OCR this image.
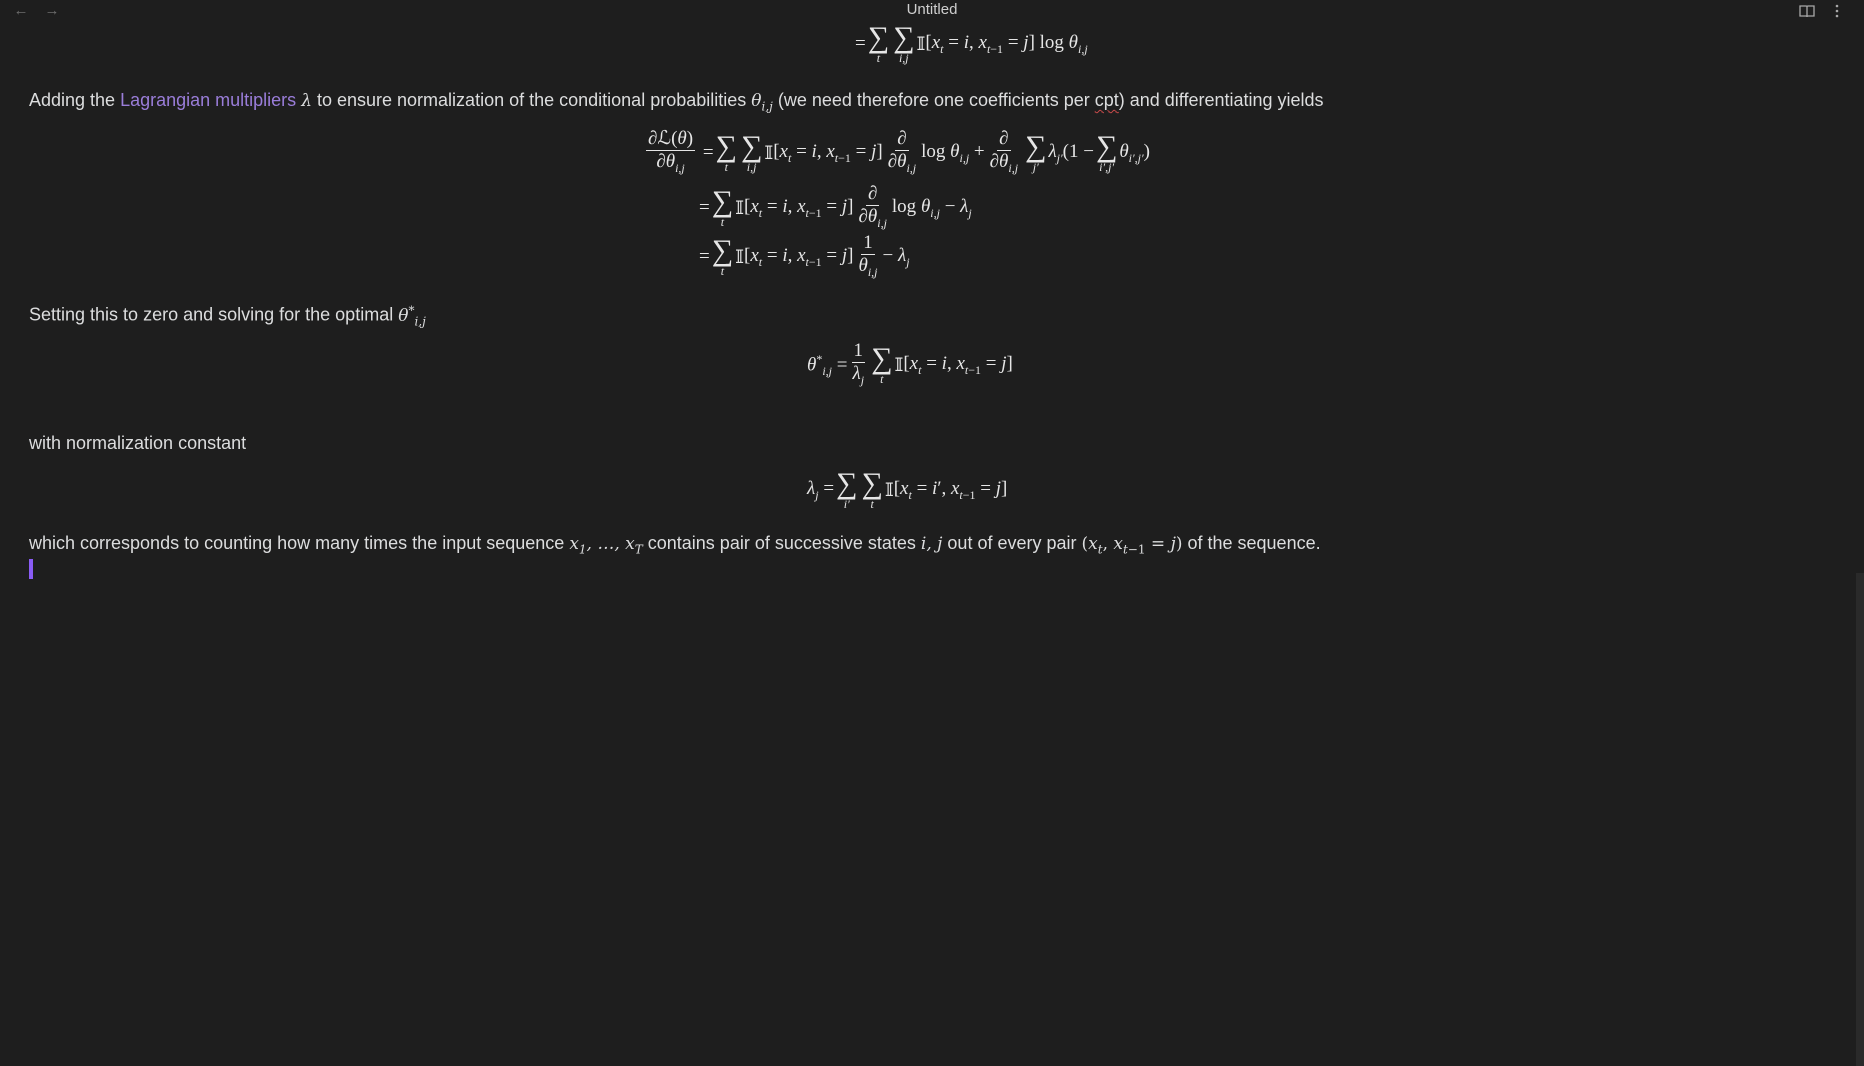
← →	Untitled
= ∑
t
∑
i,j
𝕀 [$x_t = i$, $x_{t-1} = j$] $\log \theta_{i,j}$
Adding the Lagrangian multipliers λ to ensure normalization of the conditional probabilities $\theta_{i,j}$ (we need therefore one coefficients per cpt) and differentiating yields
$\frac{\text{∂ℒ(θ)}}{\partial\theta_{i,j}}$ = ∑
t
∑
i,j
𝕀 [$x_t = i$, $x_{t-1} = j] \frac{\partial}{\partial\theta_{i,j}}$ $\log \theta_{i,j} + \frac{\partial}{\partial\theta_{i,j}}$ ∑
j′
$\lambda_{j'}(1$ − ∑
i′,j′
$\theta_{i',j'}$)
= ∑
t
𝕀 [$x_t = i$, $x_{t-1} = j] \frac{\partial}{\partial\theta_{i,j}}$ $\log \theta_{i,j} - \lambda_j$
= ∑
t
𝕀 [$x_t = i$, $x_{t-1} = j] \frac{1}{\theta_{i,j}} - \lambda_j$
Setting this to zero and solving for the optimal $\theta^*_{i,j}$
$\theta^*_{i,j} = \frac{1}{\lambda_j}$ ∑
t
𝕀 [$x_t = i$, $x_{t-1} = j$]
with normalization constant
$\lambda_j$ = ∑
i′
∑
t
𝕀 [$x_t = i'$, $x_{t-1} = j$]
which corresponds to counting how many times the input sequence $x_1$, …, $x_T$ contains pair of successive states i, j out of every pair ($x_t$, $x_{t-1} = j$) of the sequence.
